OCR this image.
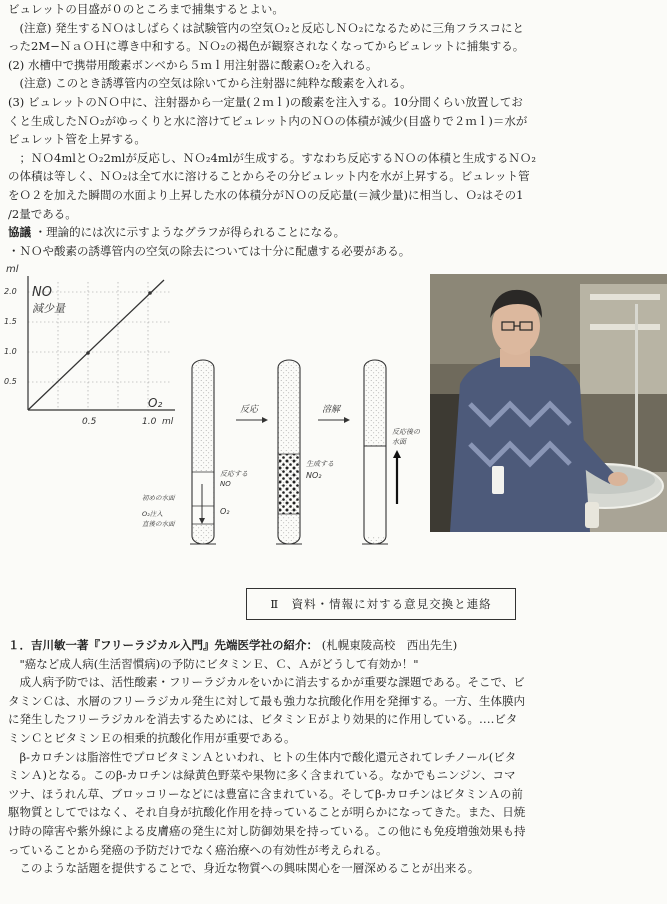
ビュレットの目盛が０のところまで捕集するとよい。

　(注意) 発生するＮＯはしばらくは試験管内の空気Ｏ₂と反応しＮＯ₂になるために三角フラスコにと

った2M−ＮａＯＨに導き中和する。ＮＯ₂の褐色が観察されなくなってからビュレットに捕集する。

(2) 水槽中で携帯用酸素ボンベから５ｍｌ用注射器に酸素Ｏ₂を入れる。

　(注意) このとき誘導管内の空気は除いてから注射器に純粋な酸素を入れる。

(3) ビュレットのＮＯ中に、注射器から一定量(２ｍｌ)の酸素を注入する。10分間くらい放置してお

くと生成したＮＯ₂がゆっくりと水に溶けてビュレット内のＮＯの体積が減少(目盛りで２ｍｌ)＝水が

ビュレット管を上昇する。

　；ＮＯ4mlとＯ₂2mlが反応し、ＮＯ₂4mlが生成する。すなわち反応するＮＯの体積と生成するＮＯ₂

の体積は等しく、ＮＯ₂は全て水に溶けることからその分ビュレット内を水が上昇する。ビュレット管

をＯ２を加えた瞬間の水面より上昇した水の体積分がＮＯの反応量(＝減少量)に相当し、Ｏ₂はその1

/2量である。

協議 ・理論的には次に示すようなグラフが得られることになる。

・ＮＯや酸素の誘導管内の空気の除去については十分に配慮する必要がある。

ml
NO
減少量
2.0
1.5
1.0
0.5
0.5	1.0 ml
O₂
反応する
NO
O₂
初めの水面
O₂注入
直後の水面
反応
生成する
NO₂
溶解
反応後の
水面
Ⅱ　資料・情報に対する意見交換と連絡

１．吉川敏一著『フリーラジカル入門』先端医学社の紹介： (札幌東陵高校　西出先生)

　"癌など成人病(生活習慣病)の予防にビタミンＥ、Ｃ、Ａがどうして有効か！"

　成人病予防では、活性酸素・フリーラジカルをいかに消去するかが重要な課題である。そこで、ビ

タミンＣは、水層のフリーラジカル発生に対して最も強力な抗酸化作用を発揮する。一方、生体膜内

に発生したフリーラジカルを消去するためには、ビタミンＥがより効果的に作用している。‥‥ビタ

ミンＣとビタミンＥの相乗的抗酸化作用が重要である。

　β-カロチンは脂溶性でプロビタミンＡといわれ、ヒトの生体内で酸化還元されてレチノール(ビタ

ミンＡ)となる。このβ-カロチンは緑黄色野菜や果物に多く含まれている。なかでもニンジン、コマ

ツナ、ほうれん草、ブロッコリーなどには豊富に含まれている。そしてβ-カロチンはビタミンＡの前

駆物質としてではなく、それ自身が抗酸化作用を持っていることが明らかになってきた。また、日焼

け時の障害や紫外線による皮膚癌の発生に対し防御効果を持っている。この他にも免疫増強効果も持

っていることから発癌の予防だけでなく癌治療への有効性が考えられる。

　このような話題を提供することで、身近な物質への興味関心を一層深めることが出来る。
